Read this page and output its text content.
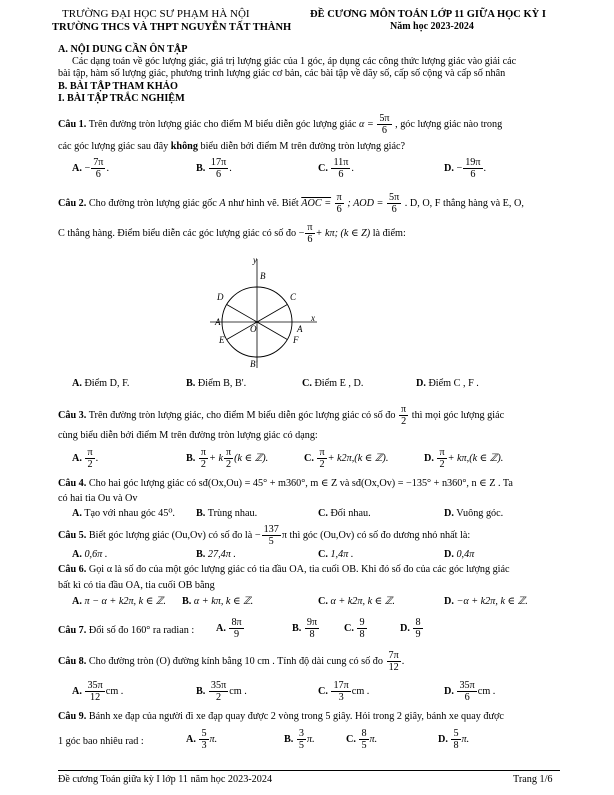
TRƯỜNG ĐẠI HỌC SƯ PHẠM HÀ NỘI
TRƯỜNG THCS VÀ THPT NGUYỄN TẤT THÀNH
ĐỀ CƯƠNG MÔN TOÁN LỚP 11 GIỮA HỌC KỲ I
Năm học 2023-2024
A. NỘI DUNG CẦN ÔN TẬP
Các dạng toán về góc lượng giác, giá trị lượng giác của 1 góc, áp dụng các công thức lượng giác vào giải các
bài tập, hàm số lượng giác, phương trình lượng giác cơ bản, các bài tập về dãy số, cấp số cộng và cấp số nhân
B. BÀI TẬP THAM KHẢO
I. BÀI TẬP TRẮC NGHIỆM
Câu 1. Trên đường tròn lượng giác cho điểm M biểu diễn góc lượng giác $\alpha = \frac{5\pi}{6}$ , góc lượng giác nào trong
các góc lượng giác sau đây không biểu diễn bởi điểm M trên đường tròn lượng giác?
A. − $\frac{7\pi}{6}$ .	B. $\frac{17\pi}{6}$ .	C. $\frac{11\pi}{6}$ .	D. − $\frac{19\pi}{6}$ .
Câu 2. Cho đường tròn lượng giác gốc A như hình vẽ. Biết AOC = $\frac{\pi}{6}$ ; AOD = $\frac{5\pi}{6}$ . D, O, F thẳng hàng và E, O,
C thẳng hàng. Điểm biểu diễn các góc lượng giác có số đo − $\frac{\pi}{6} + k\pi$; (k ∈ Z) là điểm:
y
x
B
B'
C
D
A
A'
O
E	F
A. Điểm D, F.	B. Điểm B, B'.	C. Điểm E , D.	D. Điểm C , F .
Câu 3. Trên đường tròn lượng giác, cho điểm M biểu diễn góc lượng giác có số đo $\frac{\pi}{2}$ thì mọi góc lượng giác
cùng biểu diễn bởi điểm M trên đường tròn lượng giác có dạng:
A. $\frac{\pi}{2}$ .	B. $\frac{\pi}{2} + k \frac{\pi}{2} (k$ ∈ ℤ).	C. $\frac{\pi}{2} + k2\pi,(k$ ∈ ℤ).	D. $\frac{\pi}{2} + k\pi,(k$ ∈ ℤ).
Câu 4. Cho hai góc lượng giác có sđ(Ox,Ou) = 45° + m360°, m ∈ Z và sđ(Ox,Ov) = −135° + n360°, n ∈ Z . Ta
có hai tia Ou và Ov
A. Tạo với nhau góc 45⁰. B. Trùng nhau.	C. Đối nhau.	D. Vuông góc.
Câu 5. Biết góc lượng giác (Ou,Ov) có số đo là − $\frac{137}{5}$ π thì góc (Ou,Ov) có số đo dương nhỏ nhất là:
A. 0,6π .	B. 27,4π .	C. 1,4π .	D. 0,4π
Câu 6. Gọi α là số đo của một góc lượng giác có tia đầu OA, tia cuối OB. Khi đó số đo của các góc lượng giác
bất kì có tia đầu OA, tia cuối OB bằng
A. π − α + k2π, k ∈ ℤ. B. α + kπ, k ∈ ℤ.	C. α + k2π, k ∈ ℤ.	D. −α + k2π, k ∈ ℤ.
Câu 7. Đổi số đo 160° ra radian : A. $\frac{8\pi}{9}$	B. $\frac{9\pi}{8} C$. $\frac{9}{8}$	D. $\frac{8}{9}$
Câu 8. Cho đường tròn (O) đường kính bằng 10 cm . Tính độ dài cung có số đo $\frac{7\pi}{12}$ .
A. $\frac{35\pi}{12}$ cm .	B. $\frac{35\pi}{2}$ cm .	C. $\frac{17\pi}{3}$ cm .	D. $\frac{35\pi}{6}$ cm .
Câu 9. Bánh xe đạp của người đi xe đạp quay được 2 vòng trong 5 giây. Hỏi trong 2 giây, bánh xe quay được
1 góc bao nhiêu rad :	A. $\frac{5}{3} \pi$.	B. $\frac{3}{5} \pi$.	C. $\frac{8}{5} \pi$.	D. $\frac{5}{8} \pi$.
Đề cương Toán giữa kỳ I lớp 11 năm học 2023-2024	Trang 1/6
